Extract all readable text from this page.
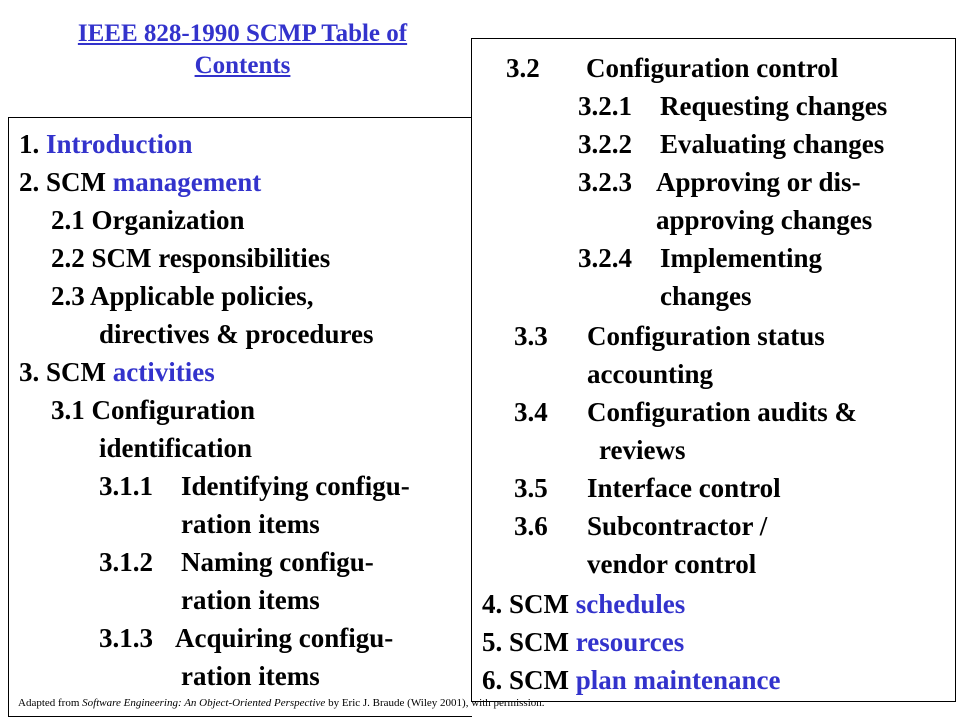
IEEE 828-1990 SCMP Table of
Contents
1. Introduction
2. SCM management
2.1 Organization
2.2 SCM responsibilities
2.3 Applicable policies,
directives & procedures
3. SCM activities
3.1 Configuration
identification
3.1.1 Identifying configu-
ration items
3.1.2 Naming configu-
ration items
3.1.3 Acquiring configu-
ration items
3.2 Configuration control
3.2.1 Requesting changes
3.2.2 Evaluating changes
3.2.3 Approving or dis-
approving changes
3.2.4 Implementing
changes
3.3 Configuration status
accounting
3.4 Configuration audits &
reviews
3.5 Interface control
3.6 Subcontractor /
vendor control
4. SCM schedules
5. SCM resources
6. SCM plan maintenance
Adapted from Software Engineering: An Object-Oriented Perspective by Eric J. Braude (Wiley 2001), with permission.
